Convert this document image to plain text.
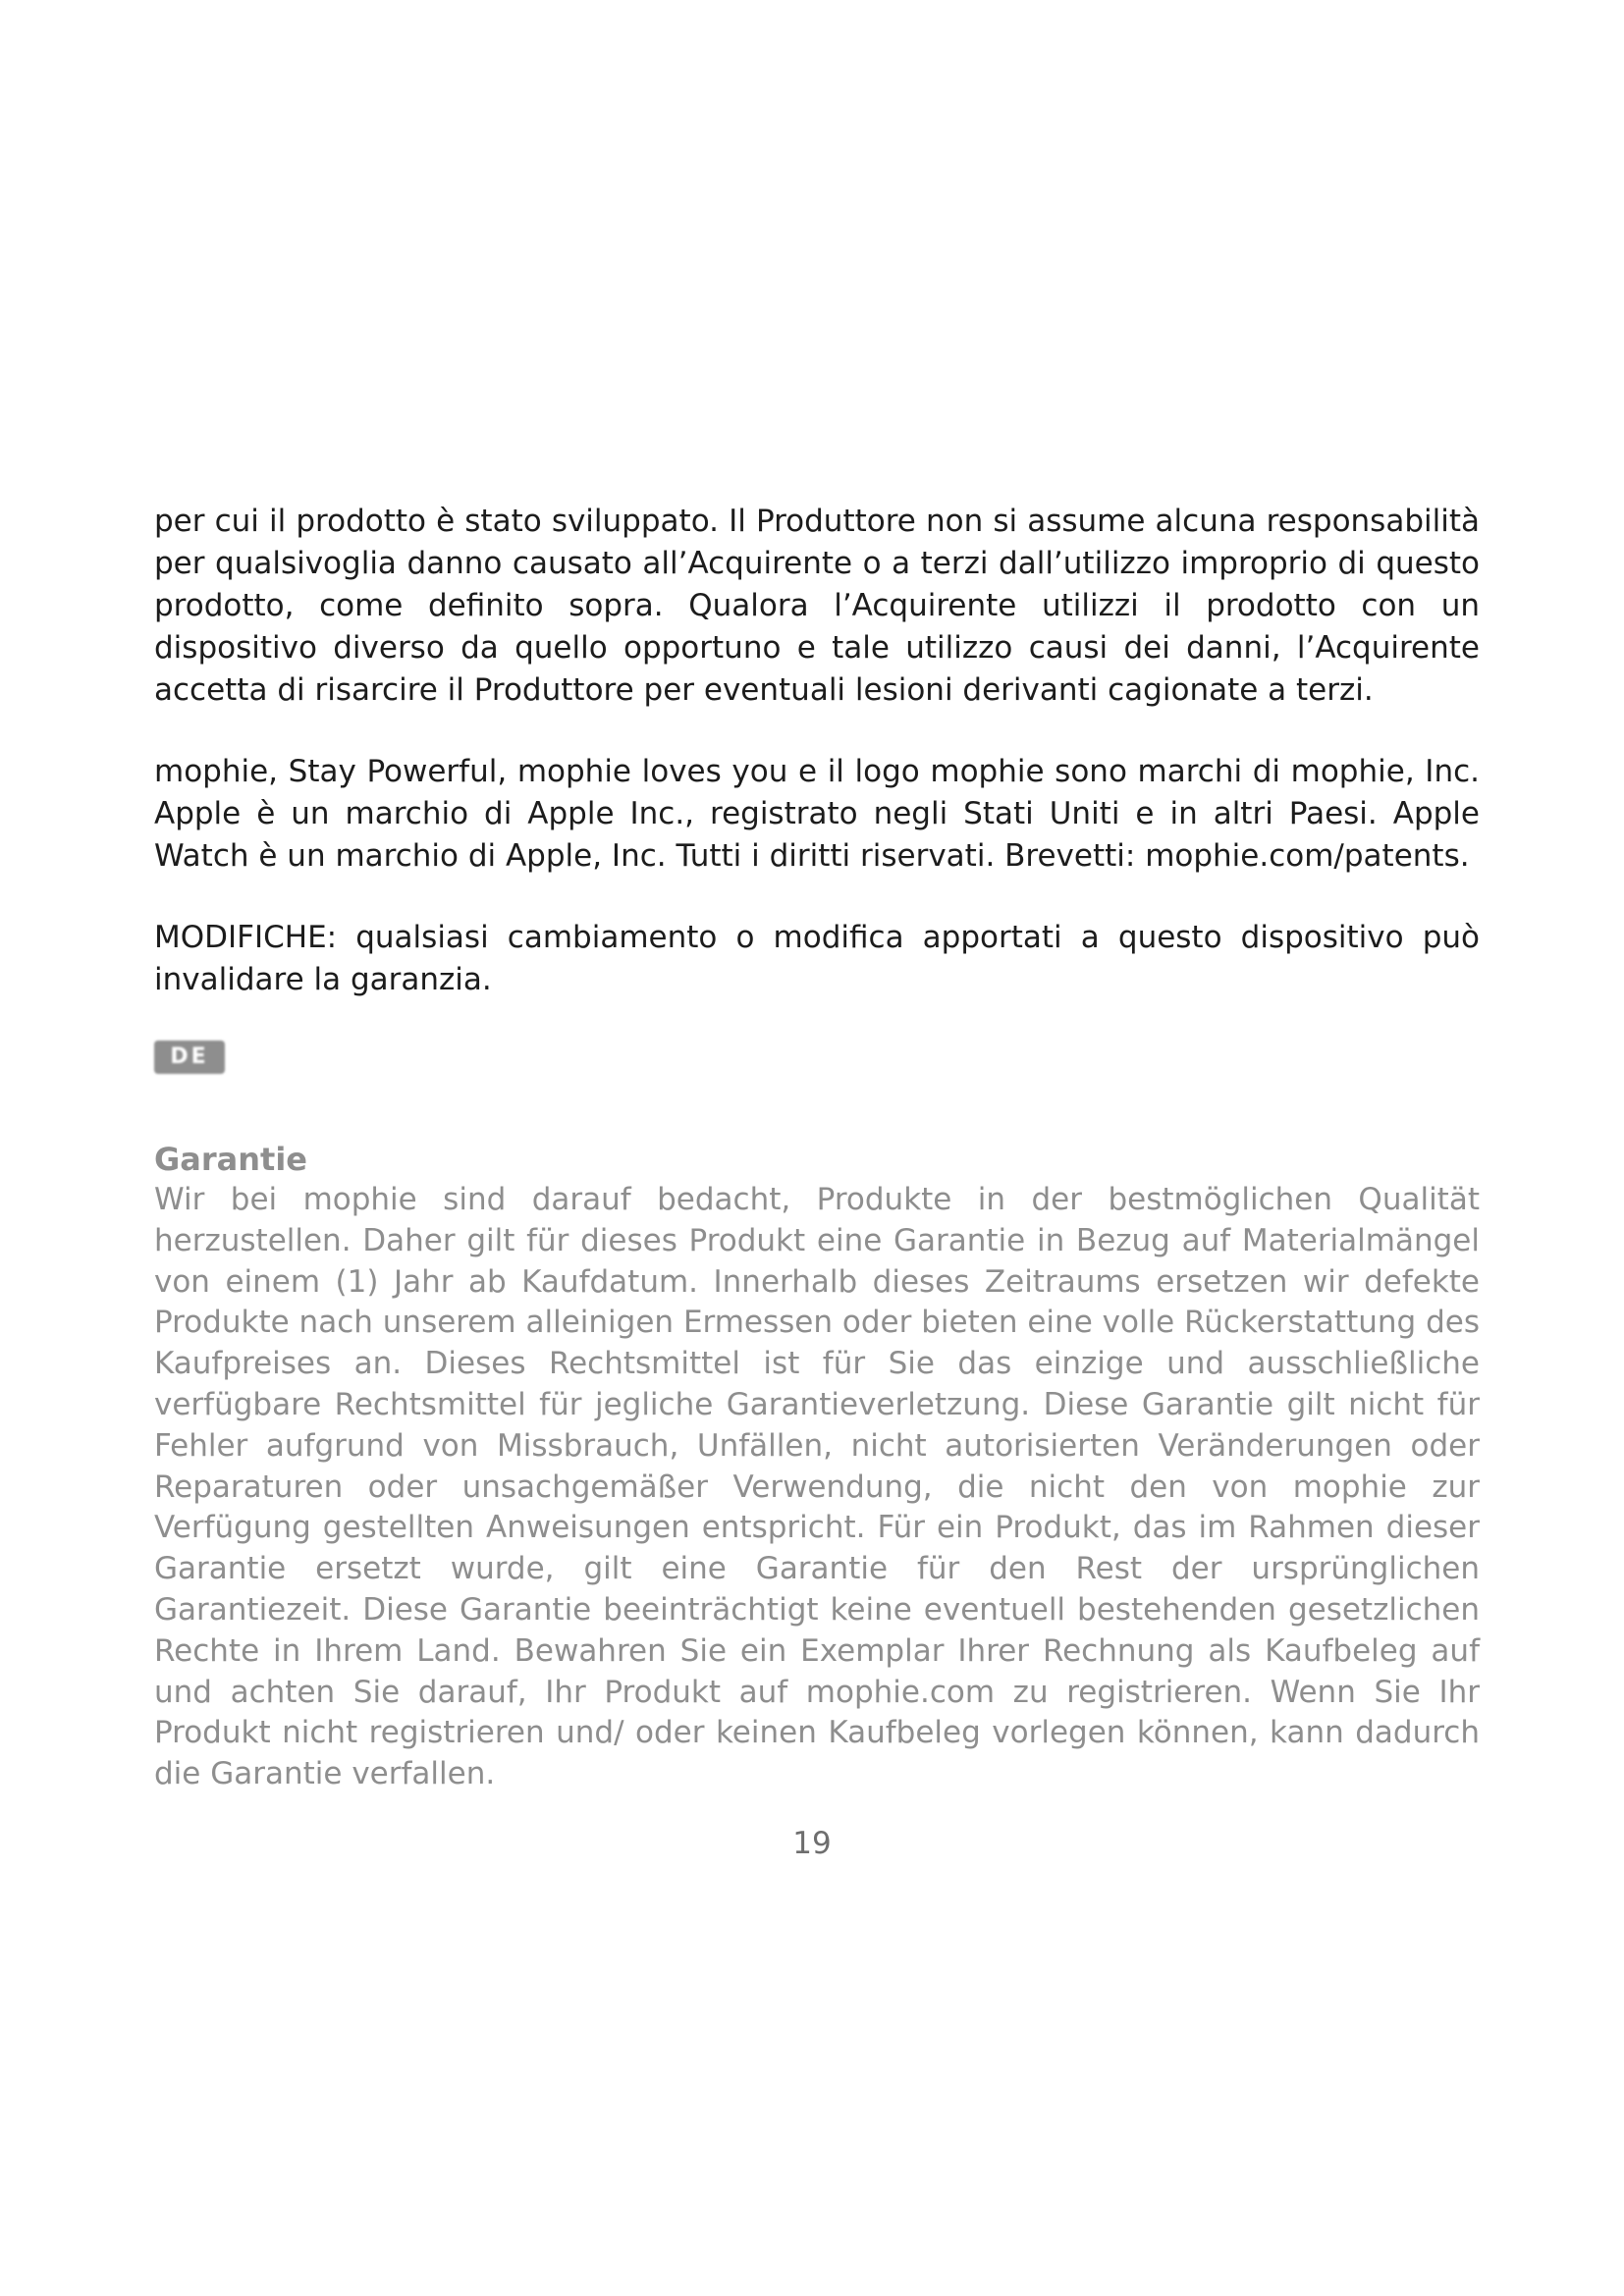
per cui il prodotto è stato sviluppato. Il Produttore non si assume alcuna responsabilità per qualsivoglia danno causato all’Acquirente o a terzi dall’utilizzo improprio di questo prodotto, come definito sopra. Qualora l’Acquirente utilizzi il prodotto con un dispositivo diverso da quello opportuno e tale utilizzo causi dei danni, l’Acquirente accetta di risarcire il Produttore per eventuali lesioni derivanti cagionate a terzi.

mophie, Stay Powerful, mophie loves you e il logo mophie sono marchi di mophie, Inc. Apple è un marchio di Apple Inc., registrato negli Stati Uniti e in altri Paesi. Apple Watch è un marchio di Apple, Inc. Tutti i diritti riservati. Brevetti: mophie.com/patents.

MODIFICHE: qualsiasi cambiamento o modifica apportati a questo dispositivo può invalidare la garanzia.

DE
Garantie

Wir bei mophie sind darauf bedacht, Produkte in der bestmöglichen Qualität herzustellen. Daher gilt für dieses Produkt eine Garantie in Bezug auf Materialmängel von einem (1) Jahr ab Kaufdatum. Innerhalb dieses Zeitraums ersetzen wir defekte Produkte nach unserem alleinigen Ermessen oder bieten eine volle Rückerstattung des Kaufpreises an. Dieses Rechtsmittel ist für Sie das einzige und ausschließliche verfügbare Rechtsmittel für jegliche Garantieverletzung. Diese Garantie gilt nicht für Fehler aufgrund von Missbrauch, Unfällen, nicht autorisierten Veränderungen oder Reparaturen oder unsachgemäßer Verwendung, die nicht den von mophie zur Verfügung gestellten Anweisungen entspricht. Für ein Produkt, das im Rahmen dieser Garantie ersetzt wurde, gilt eine Garantie für den Rest der ursprünglichen Garantiezeit. Diese Garantie beeinträchtigt keine eventuell bestehenden gesetzlichen Rechte in Ihrem Land. Bewahren Sie ein Exemplar Ihrer Rechnung als Kaufbeleg auf und achten Sie darauf, Ihr Produkt auf mophie.com zu registrieren. Wenn Sie Ihr Produkt nicht registrieren und/ oder keinen Kaufbeleg vorlegen können, kann dadurch die Garantie verfallen.

19
